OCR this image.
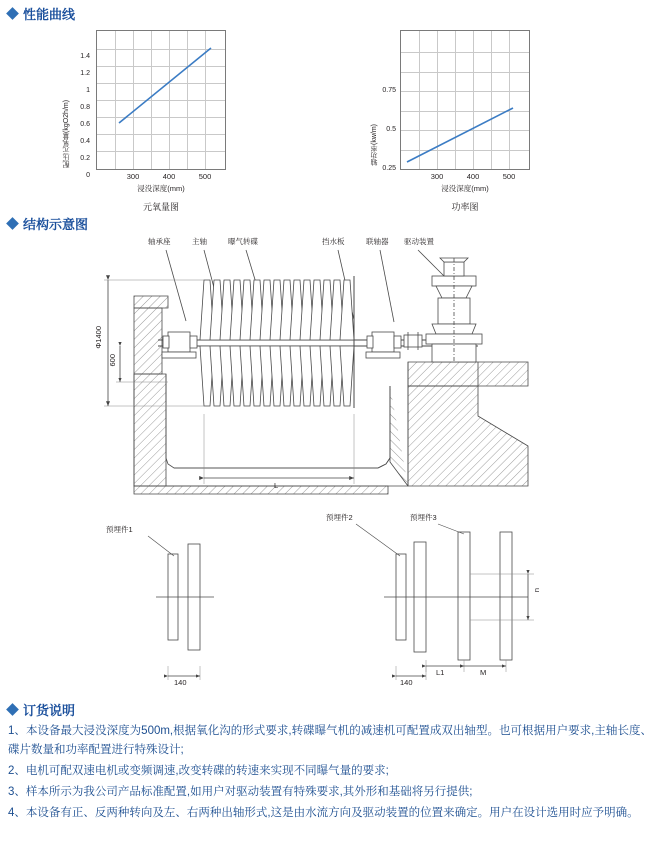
性能曲线
配压元氧量(kgO2h/m)
1.4
1.2
1
0.8
0.6
0.4
0.2
0	300	400	500
浸没深度(mm)
元氧量图
轴功率(kw/m)
0.75
0.5
0.25
300	400	500
浸没深度(mm)
功率图
结构示意图
轴承座	主轴	曝气转碟	挡水板	联轴器 驱动装置
Φ1400
600
L
预埋件1
预埋件2	预埋件3
140	140
L1	M
n
订货说明

1、本设备最大浸没深度为500m,根据氧化沟的形式要求,转碟曝气机的减速机可配置成双出轴型。也可根据用户要求,主轴长度、碟片数量和功率配置进行特殊设计;

2、电机可配双速电机或变频调速,改变转碟的转速来实现不同曝气量的要求;

3、样本所示为我公司产品标准配置,如用户对驱动装置有特殊要求,其外形和基础将另行提供;

4、本设备有正、反两种转向及左、右两种出轴形式,这是由水流方向及驱动装置的位置来确定。用户在设计选用时应予明确。
